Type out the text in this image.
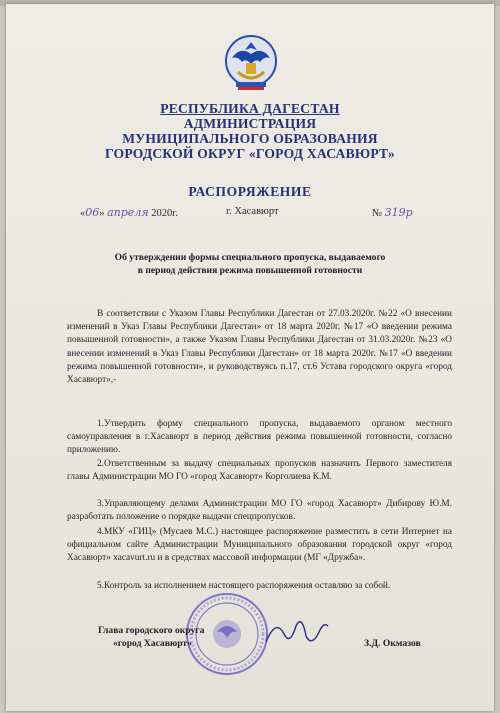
РЕСПУБЛИКА ДАГЕСТАН
АДМИНИСТРАЦИЯ
МУНИЦИПАЛЬНОГО ОБРАЗОВАНИЯ
ГОРОДСКОЙ ОКРУГ «ГОРОД ХАСАВЮРТ»
РАСПОРЯЖЕНИЕ
«06» апреля 2020г.	г. Хасавюрт	№ 319р
Об утверждении формы специального пропуска, выдаваемого
в период действия режима повышенной готовности
В соответствии с Указом Главы Республики Дагестан от 27.03.2020г. №22 «О внесении изменений в Указ Главы Республики Дагестан» от 18 марта 2020г. №17 «О введении режима повышенной готовности», а также Указом Главы Республики Дагестан от 31.03.2020г. №23 «О внесении изменений в Указ Главы Республики Дагестан» от 18 марта 2020г. №17 «О введении режима повышенной готовности», и руководствуясь п.17, ст.6 Устава городского округа «город Хасавюрт»,-
1.Утвердить форму специального пропуска, выдаваемого органом местного самоуправления в г.Хасавюрт в период действия режима повышенной готовности, согласно приложению.
2.Ответственным за выдачу специальных пропусков назначить Первого заместителя главы Администрации МО ГО «город Хасавюрт» Корголиева К.М.
3.Управляющему делами Администрации МО ГО «город Хасавюрт» Дибирову Ю.М. разработать положение о порядке выдачи спецпропусков.
4.МКУ «ГИЦ» (Мусаев М.С.) настоящее распоряжение разместить в сети Интернет на официальном сайте Администрации Муниципального образования городской округ «город Хасавюрт» xacavurt.ru и в средствах массовой информации (МГ «Дружба».
5.Контроль за исполнением настоящего распоряжения оставляю за собой.
Глава городского округа
«город Хасавюрт»	З.Д. Окмазов
